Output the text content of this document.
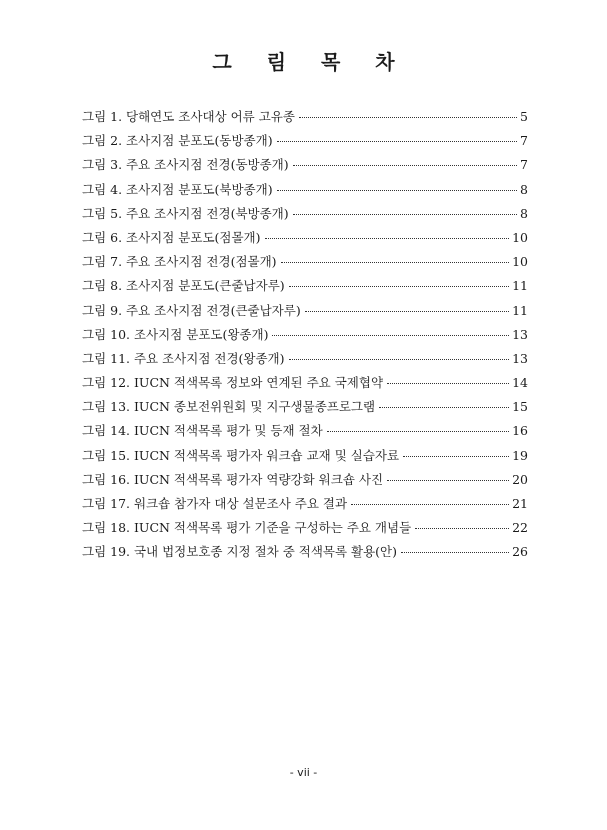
그 림 목 차
그림 1. 당해연도 조사대상 어류 고유종	5
그림 2. 조사지점 분포도(동방종개)	7
그림 3. 주요 조사지점 전경(동방종개)	7
그림 4. 조사지점 분포도(북방종개)	8
그림 5. 주요 조사지점 전경(북방종개)	8
그림 6. 조사지점 분포도(점몰개)	10
그림 7. 주요 조사지점 전경(점몰개)	10
그림 8. 조사지점 분포도(큰줄납자루)	11
그림 9. 주요 조사지점 전경(큰줄납자루)	11
그림 10. 조사지점 분포도(왕종개)	13
그림 11. 주요 조사지점 전경(왕종개)	13
그림 12. IUCN 적색목록 정보와 연계된 주요 국제협약	14
그림 13. IUCN 종보전위원회 및 지구생물종프로그램	15
그림 14. IUCN 적색목록 평가 및 등재 절차	16
그림 15. IUCN 적색목록 평가자 워크숍 교재 및 실습자료	19
그림 16. IUCN 적색목록 평가자 역량강화 워크숍 사진	20
그림 17. 워크숍 참가자 대상 설문조사 주요 결과	21
그림 18. IUCN 적색목록 평가 기준을 구성하는 주요 개념들	22
그림 19. 국내 법정보호종 지정 절차 중 적색목록 활용(안)	26
- vii -
